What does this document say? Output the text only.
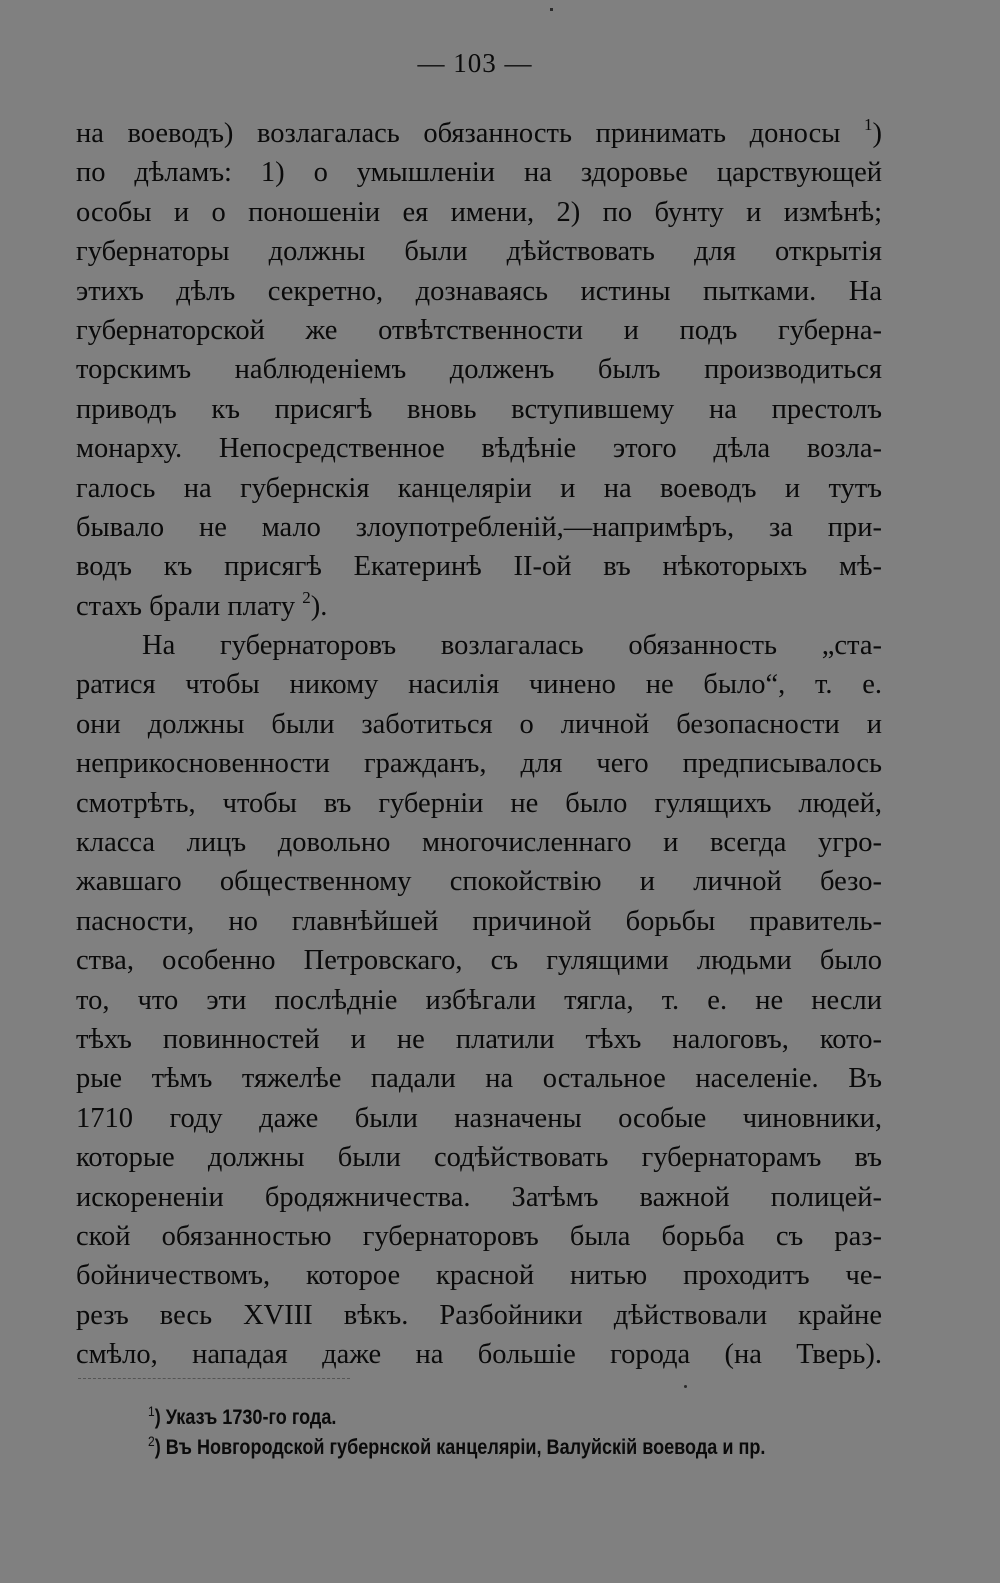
— 103 —
на воеводъ) возлагалась обязанность принимать доносы $^1$)
по дѣламъ: 1) о умышленіи на здоровье царствующей
особы и о поношеніи ея имени, 2) по бунту и измѣнѣ;
губернаторы должны были дѣйствовать для открытія
этихъ дѣлъ секретно, дознаваясь истины пытками. На
губернаторской же отвѣтственности и подъ губерна-
торскимъ наблюденіемъ долженъ былъ производиться
приводъ къ присягѣ вновь вступившему на престолъ
монарху. Непосредственное вѣдѣніе этого дѣла возла-
галось на губернскія канцеляріи и на воеводъ и тутъ
бывало не мало злоупотребленій,—напримѣръ, за при-
водъ къ присягѣ Екатеринѣ II-ой въ нѣкоторыхъ мѣ-
стахъ брали плату $^2$).
На губернаторовъ возлагалась обязанность „ста-
ратися чтобы никому насилія чинено не было“, т. е.
они должны были заботиться о личной безопасности и
неприкосновенности гражданъ, для чего предписывалось
смотрѣть, чтобы въ губерніи не было гулящихъ людей,
класса лицъ довольно многочисленнаго и всегда угро-
жавшаго общественному спокойствію и личной безо-
пасности, но главнѣйшей причиной борьбы правитель-
ства, особенно Петровскаго, съ гулящими людьми было
то, что эти послѣдніе избѣгали тягла, т. е. не несли
тѣхъ повинностей и не платили тѣхъ налоговъ, кото-
рые тѣмъ тяжелѣе падали на остальное населеніе. Въ
1710 году даже были назначены особые чиновники,
которые должны были содѣйствовать губернаторамъ въ
искорененіи бродяжничества. Затѣмъ важной полицей-
ской обязанностью губернаторовъ была борьба съ раз-
бойничествомъ, которое красной нитью проходитъ че-
резъ весь XVIII вѣкъ. Разбойники дѣйствовали крайне
смѣло, нападая даже на большіе города (на Тверь).
$^1$) Указъ 1730-го года.
$^2$) Въ Новгородской губернской канцеляріи, Валуйскій воевода и пр.
